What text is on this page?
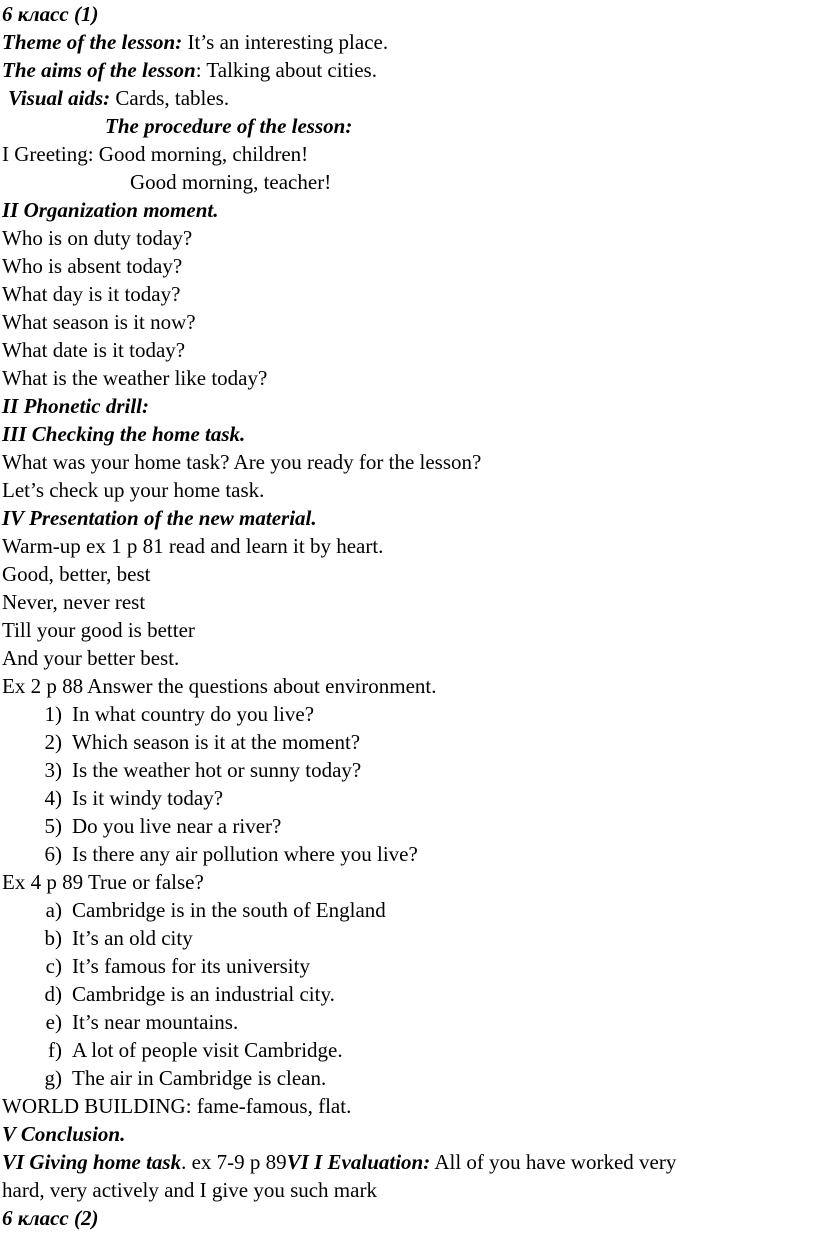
6 класс (1)
Theme of the lesson: It’s an interesting place.
The aims of the lesson: Talking about cities.
Visual aids: Cards, tables.
The procedure of the lesson:
I Greeting: Good morning, children!
Good morning, teacher!
II Organization moment.
Who is on duty today?
Who is absent today?
What day is it today?
What season is it now?
What date is it today?
What is the weather like today?
II Phonetic drill:
III Checking the home task.
What was your home task? Are you ready for the lesson?
Let’s check up your home task.
IV Presentation of the new material.
Warm-up ex 1 p 81 read and learn it by heart.
Good, better, best
Never, never rest
Till your good is better
And your better best.
Ex 2 p 88 Answer the questions about environment.
1) In what country do you live?
2) Which season is it at the moment?
3) Is the weather hot or sunny today?
4) Is it windy today?
5) Do you live near a river?
6) Is there any air pollution where you live?
Ex 4 p 89 True or false?
a) Cambridge is in the south of England
b) It’s an old city
c) It’s famous for its university
d) Cambridge is an industrial city.
e) It’s near mountains.
f) A lot of people visit Cambridge.
g) The air in Cambridge is clean.
WORLD BUILDING: fame-famous, flat.
V Conclusion.
VI Giving home task. ex 7-9 p 89VI I Evaluation: All of you have worked very
hard, very actively and I give you such mark
6 класс (2)
